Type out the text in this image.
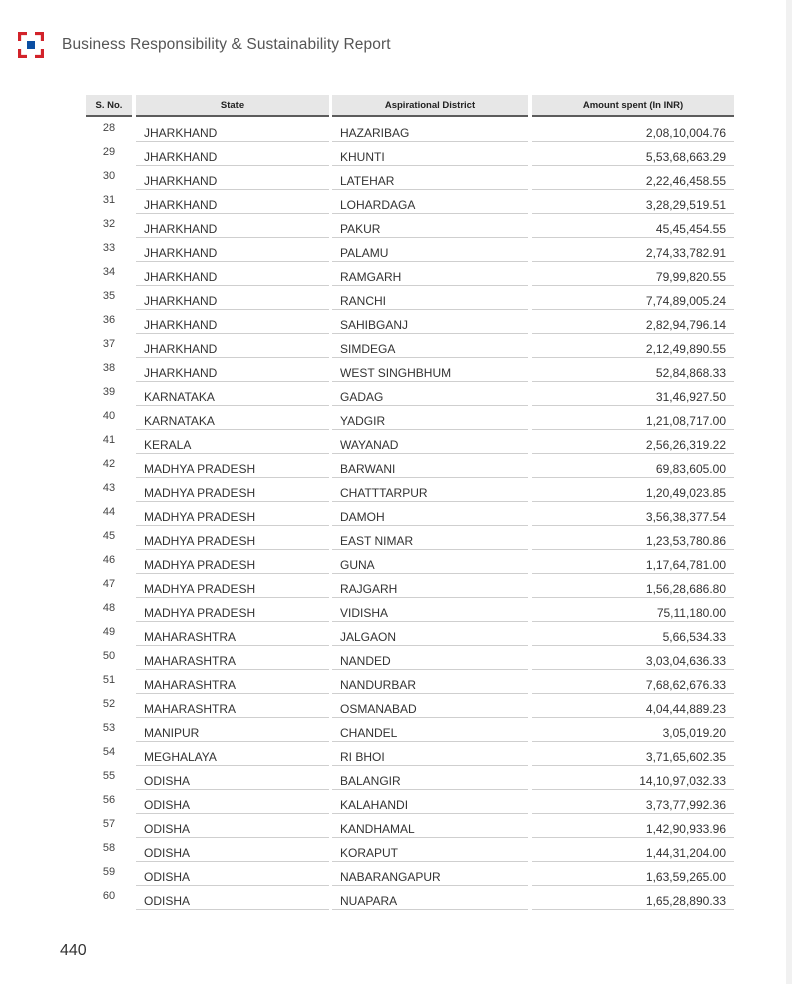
Business Responsibility & Sustainability Report
S. No.	State	Aspirational District	Amount spent (In INR)
28	JHARKHAND	HAZARIBAG	2,08,10,004.76
29	JHARKHAND	KHUNTI	5,53,68,663.29
30	JHARKHAND	LATEHAR	2,22,46,458.55
31	JHARKHAND	LOHARDAGA	3,28,29,519.51
32	JHARKHAND	PAKUR	45,45,454.55
33	JHARKHAND	PALAMU	2,74,33,782.91
34	JHARKHAND	RAMGARH	79,99,820.55
35	JHARKHAND	RANCHI	7,74,89,005.24
36	JHARKHAND	SAHIBGANJ	2,82,94,796.14
37	JHARKHAND	SIMDEGA	2,12,49,890.55
38	JHARKHAND	WEST SINGHBHUM	52,84,868.33
39	KARNATAKA	GADAG	31,46,927.50
40	KARNATAKA	YADGIR	1,21,08,717.00
41	KERALA	WAYANAD	2,56,26,319.22
42	MADHYA PRADESH	BARWANI	69,83,605.00
43	MADHYA PRADESH	CHATTTARPUR	1,20,49,023.85
44	MADHYA PRADESH	DAMOH	3,56,38,377.54
45	MADHYA PRADESH	EAST NIMAR	1,23,53,780.86
46	MADHYA PRADESH	GUNA	1,17,64,781.00
47	MADHYA PRADESH	RAJGARH	1,56,28,686.80
48	MADHYA PRADESH	VIDISHA	75,11,180.00
49	MAHARASHTRA	JALGAON	5,66,534.33
50	MAHARASHTRA	NANDED	3,03,04,636.33
51	MAHARASHTRA	NANDURBAR	7,68,62,676.33
52	MAHARASHTRA	OSMANABAD	4,04,44,889.23
53	MANIPUR	CHANDEL	3,05,019.20
54	MEGHALAYA	RI BHOI	3,71,65,602.35
55	ODISHA	BALANGIR	14,10,97,032.33
56	ODISHA	KALAHANDI	3,73,77,992.36
57	ODISHA	KANDHAMAL	1,42,90,933.96
58	ODISHA	KORAPUT	1,44,31,204.00
59	ODISHA	NABARANGAPUR	1,63,59,265.00
60	ODISHA	NUAPARA	1,65,28,890.33
440
